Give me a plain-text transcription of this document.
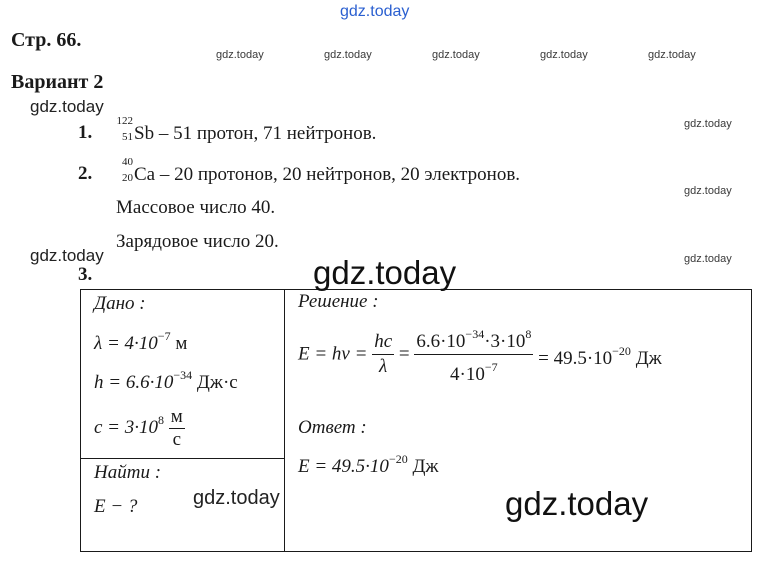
gdz.today
gdz.today	gdz.today	gdz.today	gdz.today	gdz.today
gdz.today
gdz.today
gdz.today
gdz.today
gdz.today
Стр. 66.
Вариант 2
1.
122
51 Sb – 51 протон, 71 нейтронов.
2.
40
20 Ca – 20 протонов, 20 нейтронов, 20 электронов.
Массовое число 40.
Зарядовое число 20.
3.
Дано :
$\lambda = 4\cdot 10^{-7}$ м
$h = 6.6\cdot 10^{-34}$ Дж·с
$c = 3\cdot 10^8 \frac{м}{с}$
Найти :
E − ?
Решение :
$E = h\nu = \frac{hc}{\lambda} = \frac{6.6\cdot 10^{-34}\cdot 3\cdot 10^8}{4\cdot 10^{-7}} = 49.5\cdot 10^{-20}$ Дж
Ответ :
$E = 49.5\cdot 10^{-20}$ Дж
gdz.today
gdz.today	gdz.today
